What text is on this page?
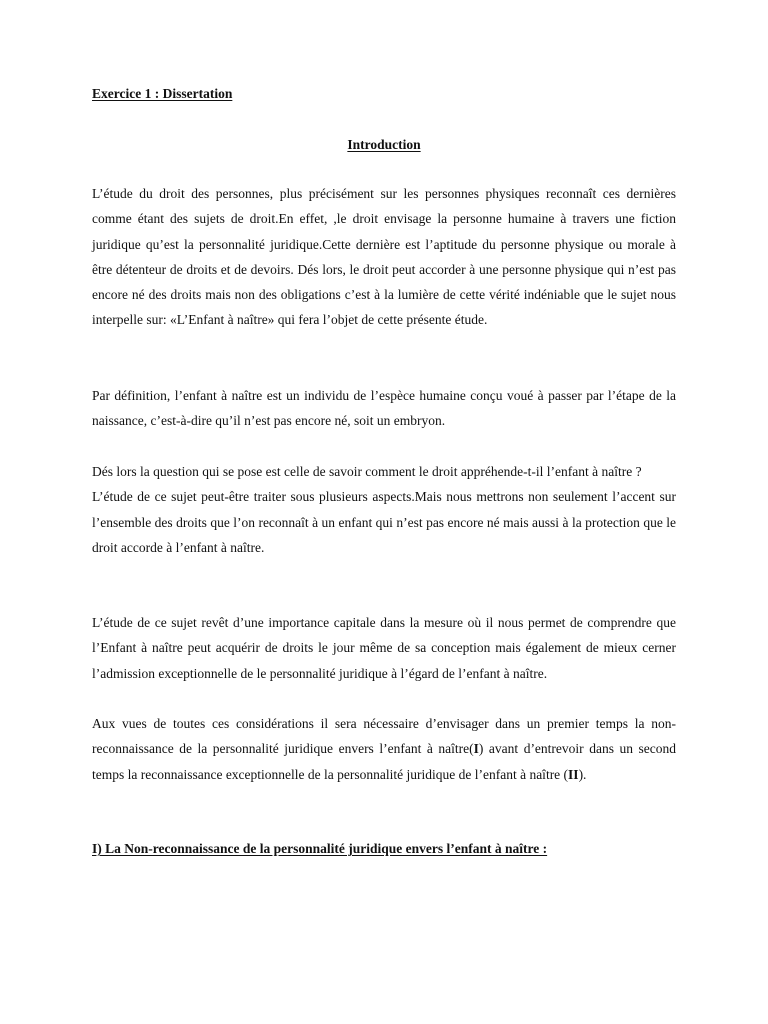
Exercice 1 : Dissertation
Introduction

L’étude du droit des personnes, plus précisément sur les personnes physiques reconnaît ces dernières comme étant des sujets de droit.En effet, ,le droit envisage la personne humaine à travers une fiction juridique qu’est la personnalité juridique.Cette dernière est l’aptitude du personne physique ou morale à être détenteur de droits et de devoirs. Dés lors, le droit peut accorder à une personne physique qui n’est pas encore né des droits mais non des obligations c’est à la lumière de cette vérité indéniable que le sujet nous interpelle sur: «L’Enfant à naître» qui fera l’objet de cette présente étude.

Par définition, l’enfant à naître est un individu de l’espèce humaine conçu voué à passer par l’étape de la naissance, c’est-à-dire qu’il n’est pas encore né, soit un embryon.

Dés lors la question qui se pose est celle de savoir comment le droit appréhende-t-il l’enfant à naître ?
L’étude de ce sujet peut-être traiter sous plusieurs aspects.Mais nous mettrons non seulement l’accent sur l’ensemble des droits que l’on reconnaît à un enfant qui n’est pas encore né mais aussi à la protection que le droit accorde à l’enfant à naître.

L’étude de ce sujet revêt d’une importance capitale dans la mesure où il nous permet de comprendre que l’Enfant à naître peut acquérir de droits le jour même de sa conception mais également de mieux cerner l’admission exceptionnelle de le personnalité juridique à l’égard de l’enfant à naître.

Aux vues de toutes ces considérations il sera nécessaire d’envisager dans un premier temps la non-reconnaissance de la personnalité juridique envers l’enfant à naître(I) avant d’entrevoir dans un second temps la reconnaissance exceptionnelle de la personnalité juridique de l’enfant à naître (II).

I) La Non-reconnaissance de la personnalité juridique envers l’enfant à naître :
